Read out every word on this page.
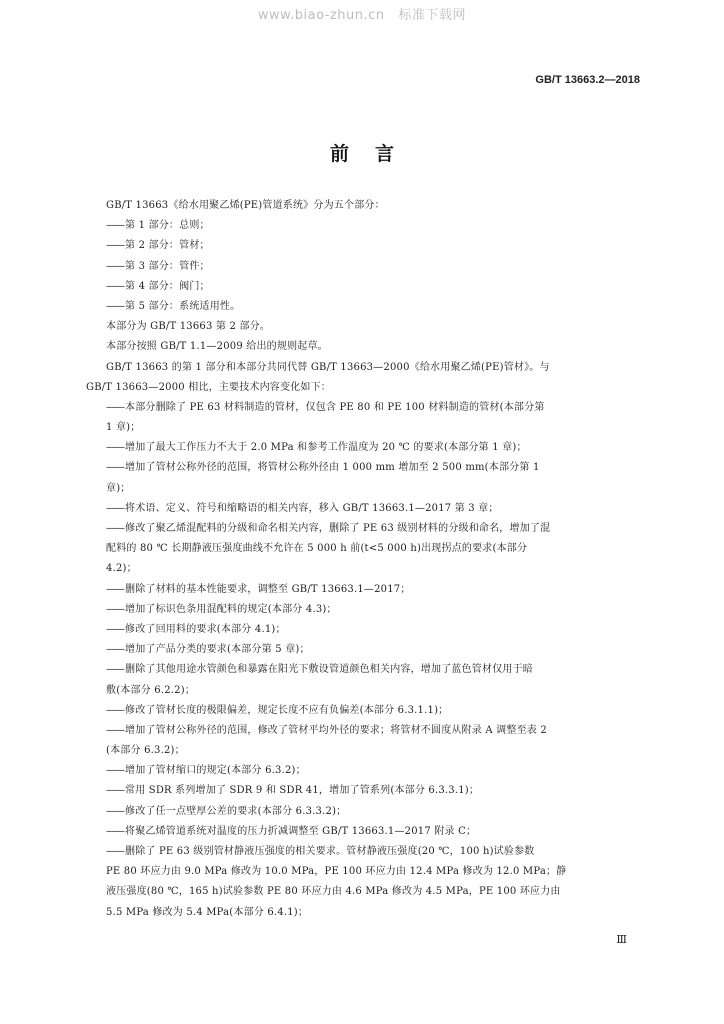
www.biao-zhun.cn 标准下载网
GB/T 13663.2—2018
前言
GB/T 13663《给水用聚乙烯(PE)管道系统》分为五个部分：
——第 1 部分：总则；
——第 2 部分：管材；
——第 3 部分：管件；
——第 4 部分：阀门；
——第 5 部分：系统适用性。
本部分为 GB/T 13663 第 2 部分。
本部分按照 GB/T 1.1—2009 给出的规则起草。
GB/T 13663 的第 1 部分和本部分共同代替 GB/T 13663—2000《给水用聚乙烯(PE)管材》。与
GB/T 13663—2000 相比，主要技术内容变化如下：
——本部分删除了 PE 63 材料制造的管材，仅包含 PE 80 和 PE 100 材料制造的管材(本部分第
1 章)；
——增加了最大工作压力不大于 2.0 MPa 和参考工作温度为 20 ℃ 的要求(本部分第 1 章)；
——增加了管材公称外径的范围，将管材公称外径由 1 000 mm 增加至 2 500 mm(本部分第 1
章)；
——将术语、定义、符号和缩略语的相关内容，移入 GB/T 13663.1—2017 第 3 章；
——修改了聚乙烯混配料的分级和命名相关内容，删除了 PE 63 级别材料的分级和命名，增加了混
配料的 80 ℃ 长期静液压强度曲线不允许在 5 000 h 前(t<5 000 h)出现拐点的要求(本部分
4.2)；
——删除了材料的基本性能要求，调整至 GB/T 13663.1—2017；
——增加了标识色条用混配料的规定(本部分 4.3)；
——修改了回用料的要求(本部分 4.1)；
——增加了产品分类的要求(本部分第 5 章)；
——删除了其他用途水管颜色和暴露在阳光下敷设管道颜色相关内容，增加了蓝色管材仅用于暗
敷(本部分 6.2.2)；
——修改了管材长度的极限偏差，规定长度不应有负偏差(本部分 6.3.1.1)；
——增加了管材公称外径的范围，修改了管材平均外径的要求；将管材不圆度从附录 A 调整至表 2
(本部分 6.3.2)；
——增加了管材缩口的规定(本部分 6.3.2)；
——常用 SDR 系列增加了 SDR 9 和 SDR 41，增加了管系列(本部分 6.3.3.1)；
——修改了任一点壁厚公差的要求(本部分 6.3.3.2)；
——将聚乙烯管道系统对温度的压力折减调整至 GB/T 13663.1—2017 附录 C；
——删除了 PE 63 级别管材静液压强度的相关要求。管材静液压强度(20 ℃，100 h)试验参数
PE 80 环应力由 9.0 MPa 修改为 10.0 MPa，PE 100 环应力由 12.4 MPa 修改为 12.0 MPa；静
液压强度(80 ℃，165 h)试验参数 PE 80 环应力由 4.6 MPa 修改为 4.5 MPa，PE 100 环应力由
5.5 MPa 修改为 5.4 MPa(本部分 6.4.1)；
Ⅲ
